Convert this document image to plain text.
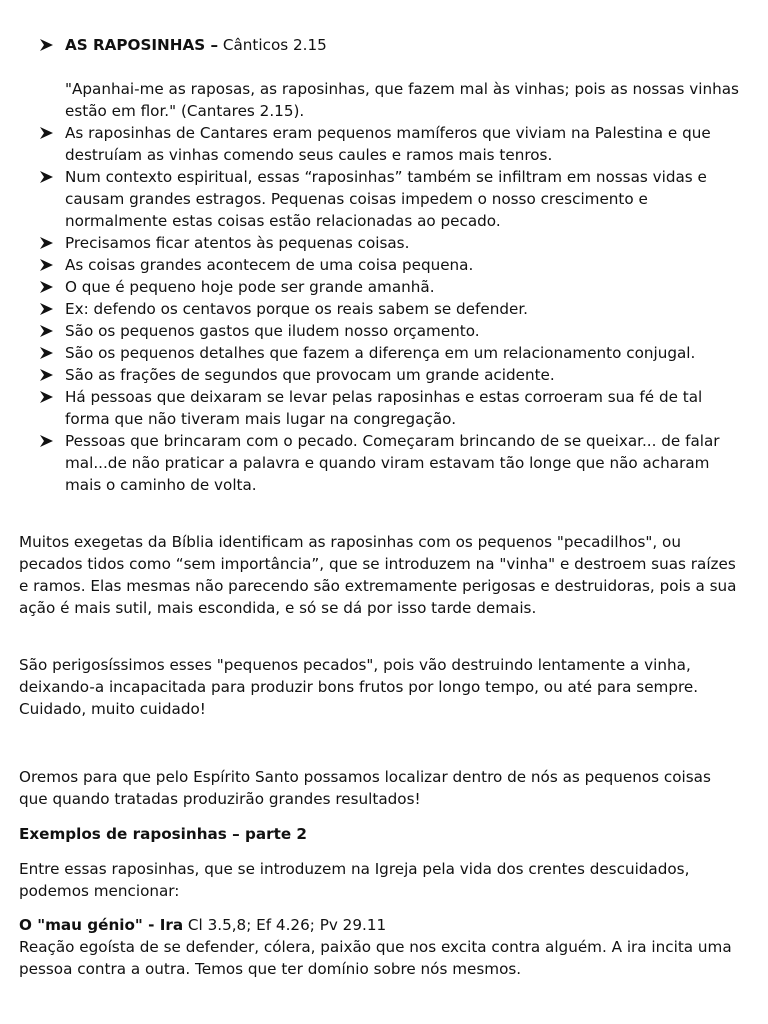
AS RAPOSINHAS – Cânticos 2.15
"Apanhai-me as raposas, as raposinhas, que fazem mal às vinhas; pois as nossas vinhas estão em flor." (Cantares 2.15).
As raposinhas de Cantares eram pequenos mamíferos que viviam na Palestina e que destruíam as vinhas comendo seus caules e ramos mais tenros.
Num contexto espiritual, essas “raposinhas” também se infiltram em nossas vidas e causam grandes estragos. Pequenas coisas impedem o nosso crescimento e normalmente estas coisas estão relacionadas ao pecado.
Precisamos ficar atentos às pequenas coisas.
As coisas grandes acontecem de uma coisa pequena.
O que é pequeno hoje pode ser grande amanhã.
Ex: defendo os centavos porque os reais sabem se defender.
São os pequenos gastos que iludem nosso orçamento.
São os pequenos detalhes que fazem a diferença em um relacionamento conjugal.
São as frações de segundos que provocam um grande acidente.
Há pessoas que deixaram se levar pelas raposinhas e estas corroeram sua fé de tal forma que não tiveram mais lugar na congregação.
Pessoas que brincaram com o pecado. Começaram brincando de se queixar... de falar mal...de não praticar a palavra e quando viram estavam tão longe que não acharam mais o caminho de volta.

Muitos exegetas da Bíblia identificam as raposinhas com os pequenos "pecadilhos", ou pecados tidos como “sem importância”, que se introduzem na "vinha" e destroem suas raízes e ramos. Elas mesmas não parecendo são extremamente perigosas e destruidoras, pois a sua ação é mais sutil, mais escondida, e só se dá por isso tarde demais.

São perigosíssimos esses "pequenos pecados", pois vão destruindo lentamente a vinha, deixando-a incapacitada para produzir bons frutos por longo tempo, ou até para sempre. Cuidado, muito cuidado!

Oremos para que pelo Espírito Santo possamos localizar dentro de nós as pequenos coisas que quando tratadas produzirão grandes resultados!

Exemplos de raposinhas – parte 2

Entre essas raposinhas, que se introduzem na Igreja pela vida dos crentes descuidados, podemos mencionar:

O "mau génio" - Ira Cl 3.5,8; Ef 4.26; Pv 29.11
Reação egoísta de se defender, cólera, paixão que nos excita contra alguém. A ira incita uma pessoa contra a outra. Temos que ter domínio sobre nós mesmos.
